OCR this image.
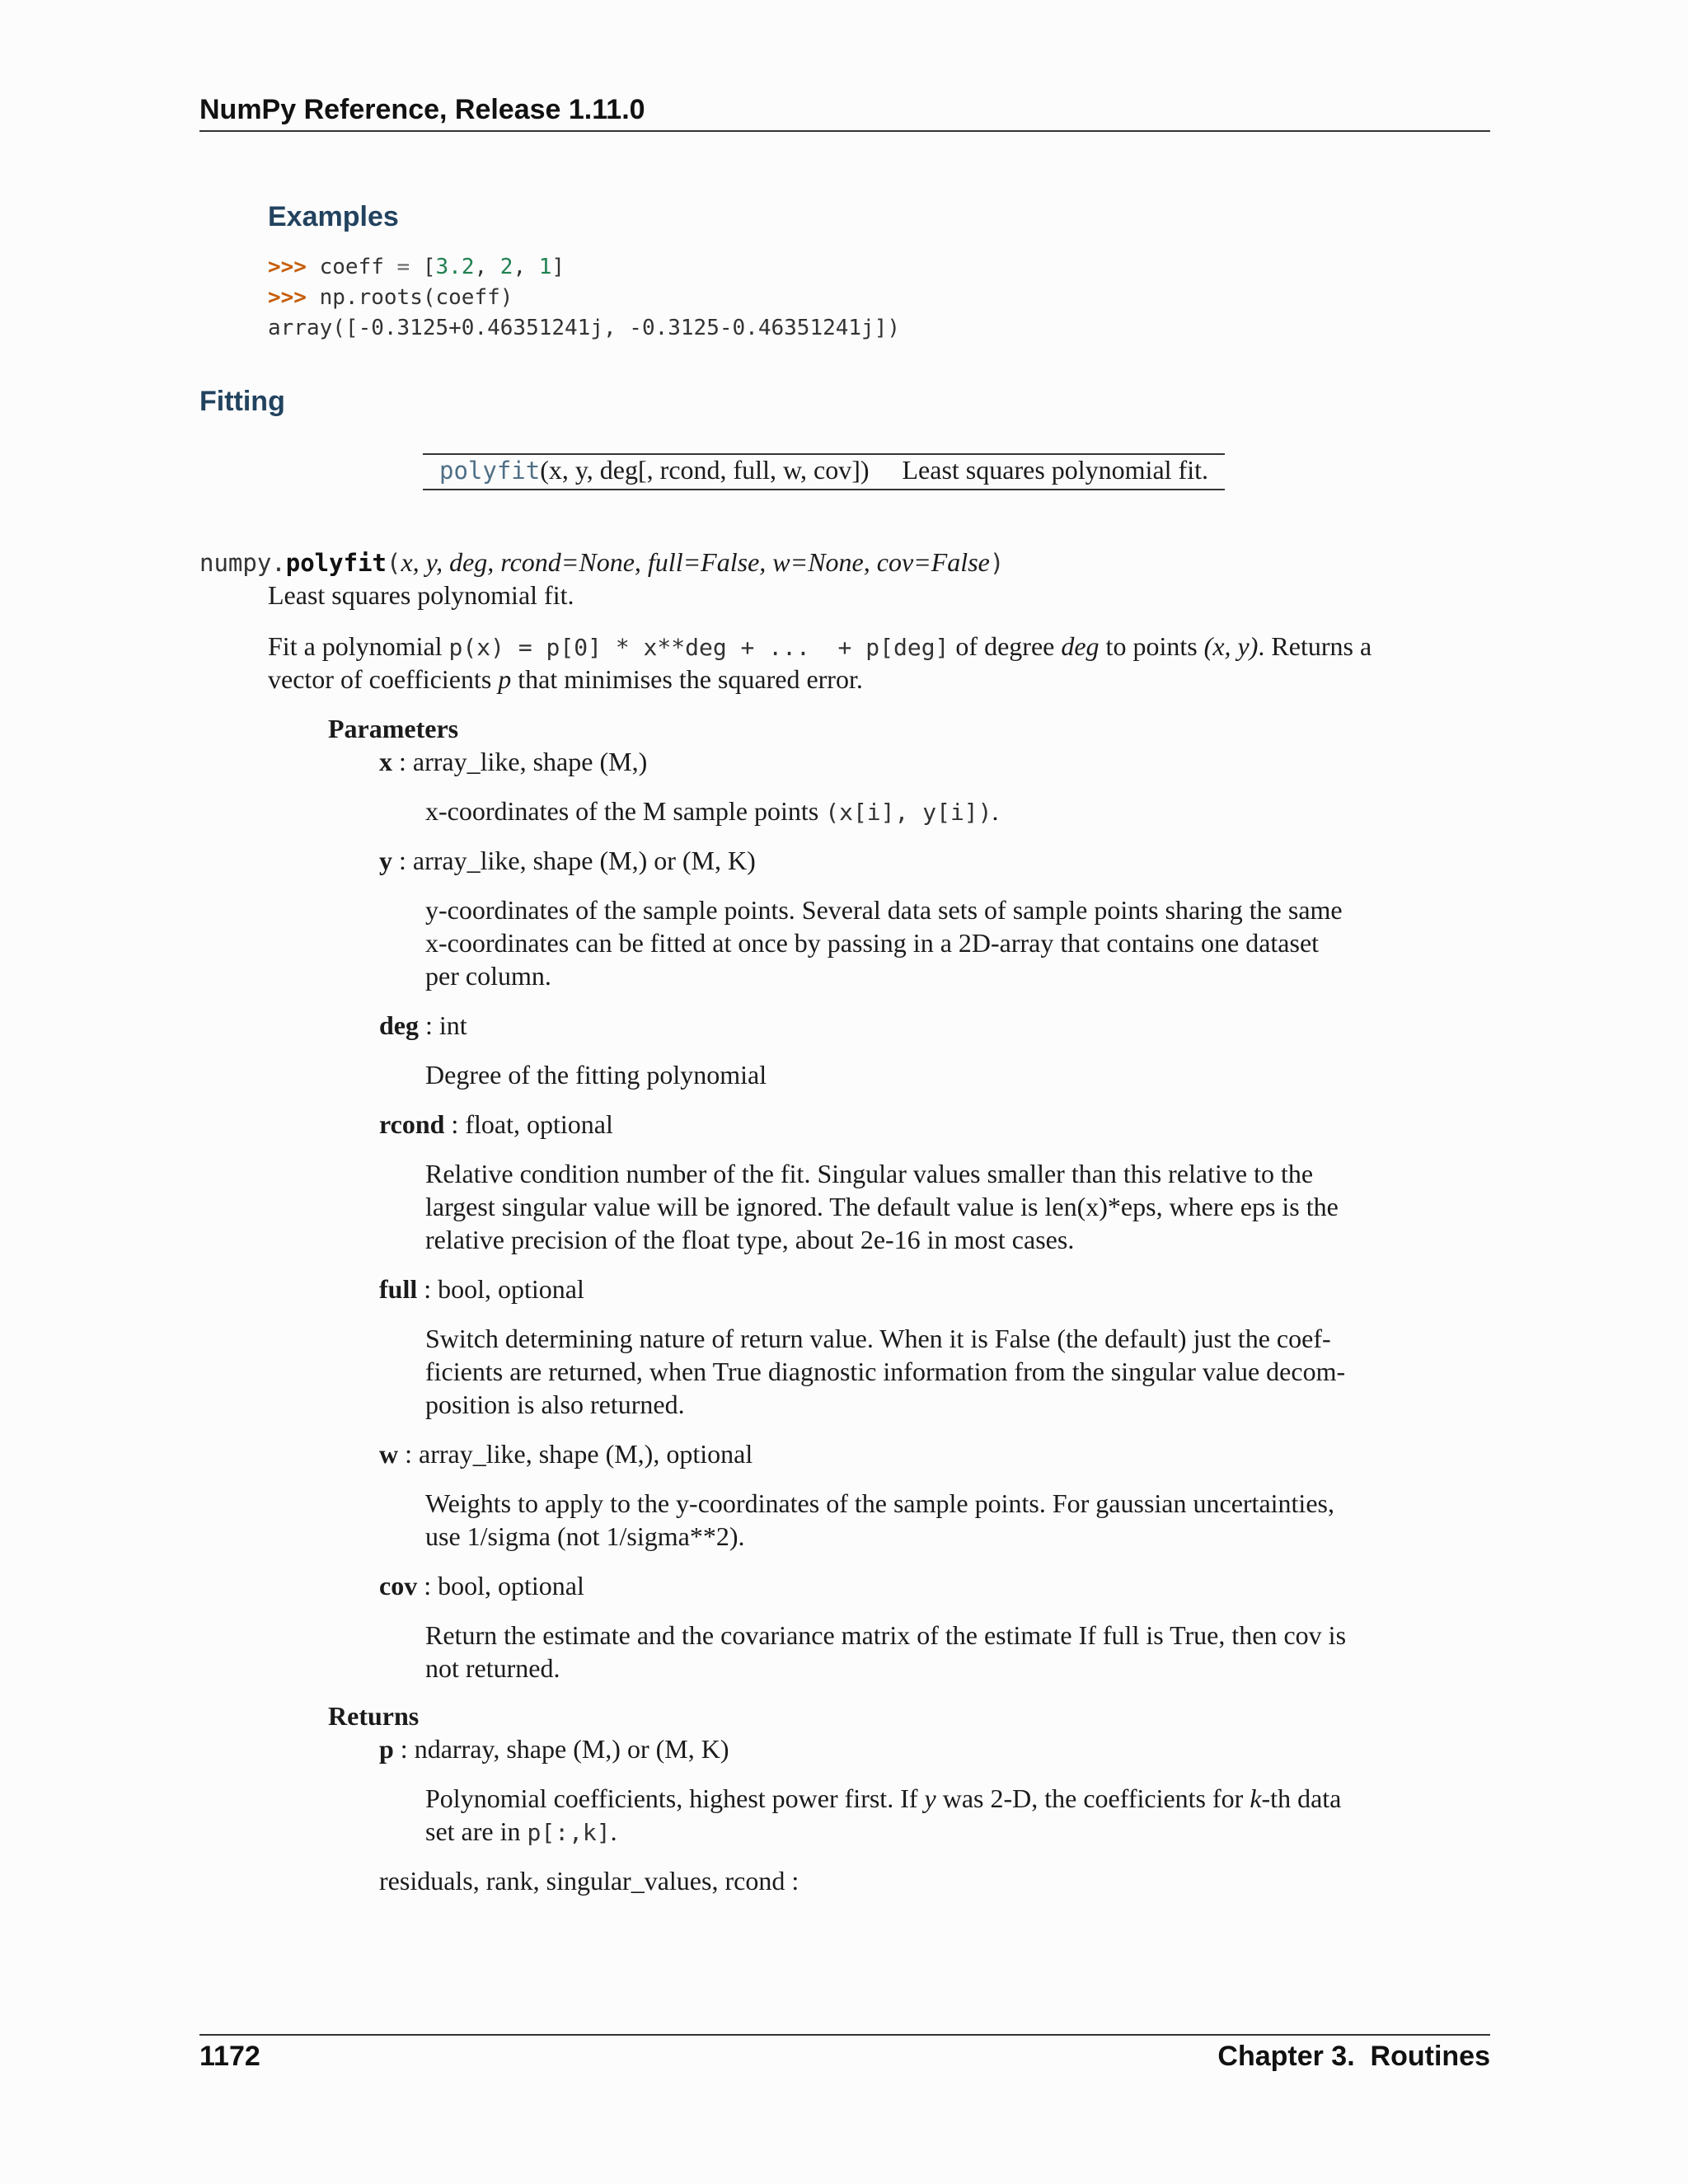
NumPy Reference, Release 1.11.0
Examples
>>> coeff = [3.2, 2, 1]
>>> np.roots(coeff)
array([-0.3125+0.46351241j, -0.3125-0.46351241j])
Fitting
polyfit(x, y, deg[, rcond, full, w, cov])	Least squares polynomial fit.
numpy.polyfit(x, y, deg, rcond=None, full=False, w=None, cov=False)
Least squares polynomial fit.
Fit a polynomial p(x) = p[0] * x**deg + ...  + p[deg] of degree deg to points (x, y). Returns a
vector of coefficients p that minimises the squared error.
Parameters
x : array_like, shape (M,)
x-coordinates of the M sample points (x[i], y[i]).
y : array_like, shape (M,) or (M, K)
y-coordinates of the sample points. Several data sets of sample points sharing the same
x-coordinates can be fitted at once by passing in a 2D-array that contains one dataset
per column.
deg : int
Degree of the fitting polynomial
rcond : float, optional
Relative condition number of the fit. Singular values smaller than this relative to the
largest singular value will be ignored. The default value is len(x)*eps, where eps is the
relative precision of the float type, about 2e-16 in most cases.
full : bool, optional
Switch determining nature of return value. When it is False (the default) just the coef-
ficients are returned, when True diagnostic information from the singular value decom-
position is also returned.
w : array_like, shape (M,), optional
Weights to apply to the y-coordinates of the sample points. For gaussian uncertainties,
use 1/sigma (not 1/sigma**2).
cov : bool, optional
Return the estimate and the covariance matrix of the estimate If full is True, then cov is
not returned.
Returns
p : ndarray, shape (M,) or (M, K)
Polynomial coefficients, highest power first. If y was 2-D, the coefficients for k-th data
set are in p[:,k].
residuals, rank, singular_values, rcond :
1172	Chapter 3.  Routines
